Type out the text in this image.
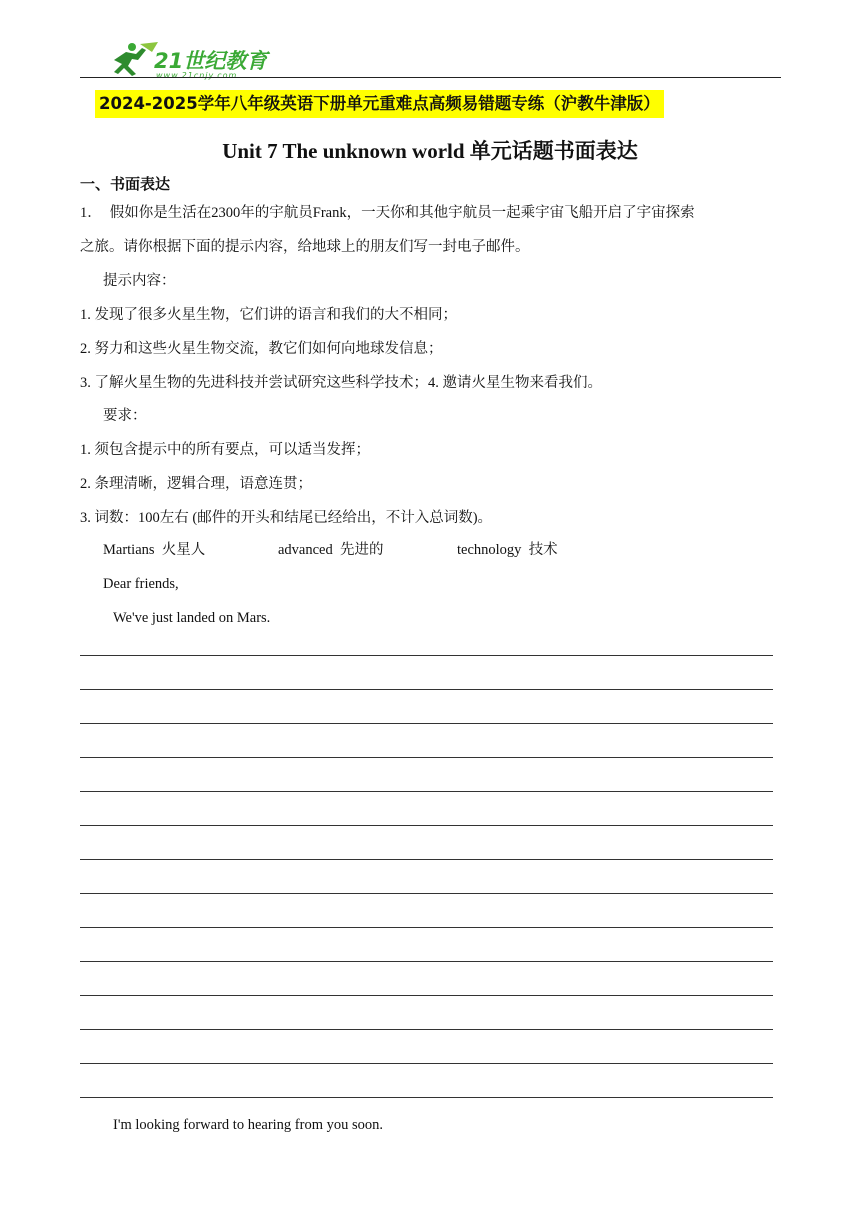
21世纪教育
www.21cnjy.com
2024-2025学年八年级英语下册单元重难点高频易错题专练（沪教牛津版）
Unit 7 The unknown world 单元话题书面表达
一、书面表达
1． 假如你是生活在2300年的宇航员Frank，一天你和其他宇航员一起乘宇宙飞船开启了宇宙探索
之旅。请你根据下面的提示内容，给地球上的朋友们写一封电子邮件。
提示内容：
1. 发现了很多火星生物，它们讲的语言和我们的大不相同；
2. 努力和这些火星生物交流，教它们如何向地球发信息；
3. 了解火星生物的先进科技并尝试研究这些科学技术；4. 邀请火星生物来看我们。
要求：
1. 须包含提示中的所有要点，可以适当发挥；
2. 条理清晰，逻辑合理，语意连贯；
3. 词数：100左右 (邮件的开头和结尾已经给出，不计入总词数)。
Martians 火星人	advanced 先进的	technology 技术
Dear friends,
We've just landed on Mars.
I'm looking forward to hearing from you soon.
